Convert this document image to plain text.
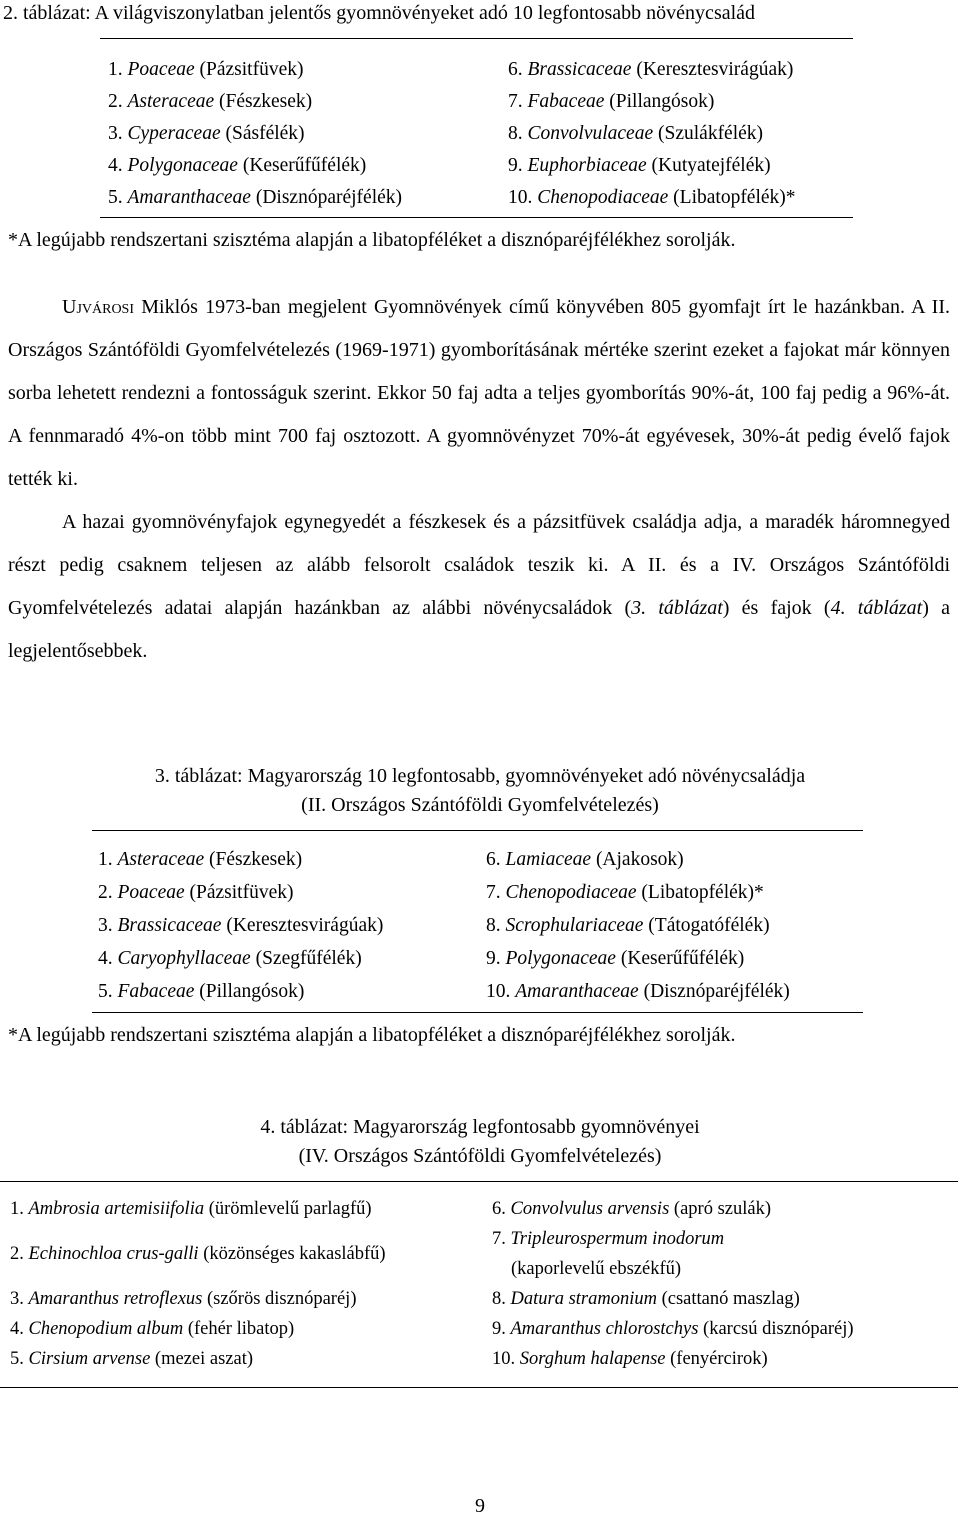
2. táblázat: A világviszonylatban jelentős gyomnövényeket adó 10 legfontosabb növénycsalád
1. Poaceae (Pázsitfüvek)
2. Asteraceae (Fészkesek)
3. Cyperaceae (Sásfélék)
4. Polygonaceae (Keserűfűfélék)
5. Amaranthaceae (Disznóparéjfélék)
6. Brassicaceae (Keresztesvirágúak)
7. Fabaceae (Pillangósok)
8. Convolvulaceae (Szulákfélék)
9. Euphorbiaceae (Kutyatejfélék)
10. Chenopodiaceae (Libatopfélék)*
*A legújabb rendszertani szisztéma alapján a libatopféléket a disznóparéjfélékhez sorolják.

Ujvárosi Miklós 1973-ban megjelent Gyomnövények című könyvében 805 gyomfajt írt le hazánkban. A II. Országos Szántóföldi Gyomfelvételezés (1969-1971) gyomborításának mértéke szerint ezeket a fajokat már könnyen sorba lehetett rendezni a fontosságuk szerint. Ekkor 50 faj adta a teljes gyomborítás 90%-át, 100 faj pedig a 96%-át. A fennmaradó 4%-on több mint 700 faj osztozott. A gyomnövényzet 70%-át egyévesek, 30%-át pedig évelő fajok tették ki.

A hazai gyomnövényfajok egynegyedét a fészkesek és a pázsitfüvek családja adja, a maradék háromnegyed részt pedig csaknem teljesen az alább felsorolt családok teszik ki. A II. és a IV. Országos Szántóföldi Gyomfelvételezés adatai alapján hazánkban az alábbi növénycsaládok (3. táblázat) és fajok (4. táblázat) a legjelentősebbek.

3. táblázat: Magyarország 10 legfontosabb, gyomnövényeket adó növénycsaládja
(II. Országos Szántóföldi Gyomfelvételezés)
1. Asteraceae (Fészkesek)
2. Poaceae (Pázsitfüvek)
3. Brassicaceae (Keresztesvirágúak)
4. Caryophyllaceae (Szegfűfélék)
5. Fabaceae (Pillangósok)
6. Lamiaceae (Ajakosok)
7. Chenopodiaceae (Libatopfélék)*
8. Scrophulariaceae (Tátogatófélék)
9. Polygonaceae (Keserűfűfélék)
10. Amaranthaceae (Disznóparéjfélék)
*A legújabb rendszertani szisztéma alapján a libatopféléket a disznóparéjfélékhez sorolják.
4. táblázat: Magyarország legfontosabb gyomnövényei
(IV. Országos Szántóföldi Gyomfelvételezés)
1. Ambrosia artemisiifolia (ürömlevelű parlagfű)
2. Echinochloa crus-galli (közönséges kakaslábfű)
3. Amaranthus retroflexus (szőrös disznóparéj)
4. Chenopodium album (fehér libatop)
5. Cirsium arvense (mezei aszat)
6. Convolvulus arvensis (apró szulák)
7. Tripleurospermum inodorum
(kaporlevelű ebszékfű)
8. Datura stramonium (csattanó maszlag)
9. Amaranthus chlorostchys (karcsú disznóparéj)
10. Sorghum halapense (fenyércirok)
9
